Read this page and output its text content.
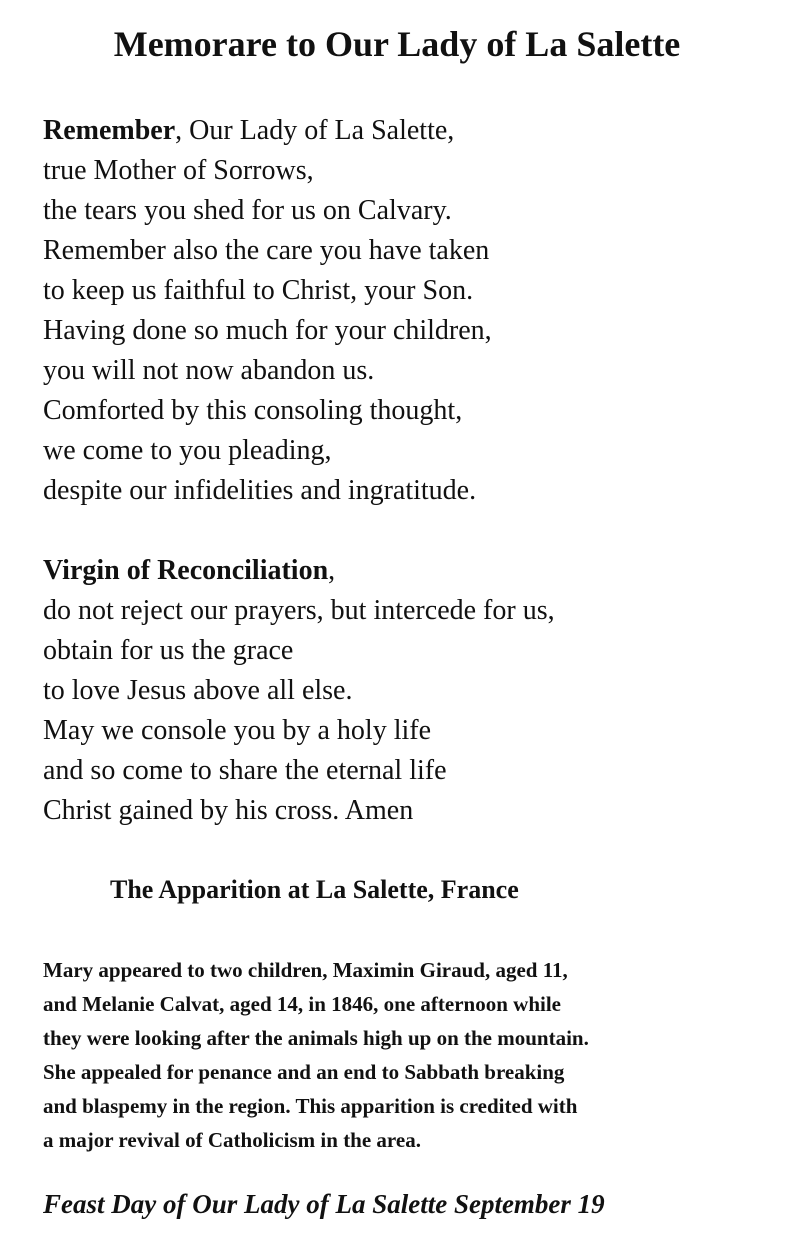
Memorare to Our Lady of La Salette
Remember, Our Lady of La Salette,
true Mother of Sorrows,
the tears you shed for us on Calvary.
Remember also the care you have taken
to keep us faithful to Christ, your Son.
Having done so much for your children,
you will not now abandon us.
Comforted by this consoling thought,
we come to you pleading,
despite our infidelities and ingratitude.
Virgin of Reconciliation,
do not reject our prayers, but intercede for us,
obtain for us the grace
to love Jesus above all else.
May we console you by a holy life
and so come to share the eternal life
Christ gained by his cross. Amen
The Apparition at La Salette, France
Mary appeared to two children, Maximin Giraud, aged 11,
and Melanie Calvat, aged 14, in 1846, one afternoon while
they were looking after the animals high up on the mountain.
She appealed for penance and an end to Sabbath breaking
and blaspemy in the region. This apparition is credited with
a major revival of Catholicism in the area.

Feast Day of Our Lady of La Salette September 19
